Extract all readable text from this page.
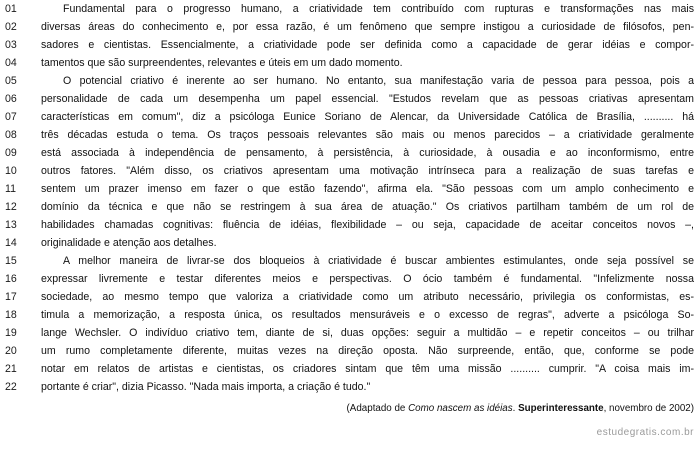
01	Fundamental para o progresso humano, a criatividade tem contribuído com rupturas e transformações nas mais
02 diversas áreas do conhecimento e, por essa razão, é um fenômeno que sempre instigou a curiosidade de filósofos, pen-
03 sadores e cientistas. Essencialmente, a criatividade pode ser definida como a capacidade de gerar idéias e compor-
04 tamentos que são surpreendentes, relevantes e úteis em um dado momento.
05	O potencial criativo é inerente ao ser humano. No entanto, sua manifestação varia de pessoa para pessoa, pois a
06 personalidade de cada um desempenha um papel essencial. "Estudos revelam que as pessoas criativas apresentam
07 características em comum", diz a psicóloga Eunice Soriano de Alencar, da Universidade Católica de Brasília, .......... há
08 três décadas estuda o tema. Os traços pessoais relevantes são mais ou menos parecidos – a criatividade geralmente
09 está associada à independência de pensamento, à persistência, à curiosidade, à ousadia e ao inconformismo, entre
10 outros fatores. "Além disso, os criativos apresentam uma motivação intrínseca para a realização de suas tarefas e
11 sentem um prazer imenso em fazer o que estão fazendo", afirma ela. "São pessoas com um amplo conhecimento e
12 domínio da técnica e que não se restringem à sua área de atuação." Os criativos partilham também de um rol de
13 habilidades chamadas cognitivas: fluência de idéias, flexibilidade – ou seja, capacidade de aceitar conceitos novos –,
14 originalidade e atenção aos detalhes.
15	A melhor maneira de livrar-se dos bloqueios à criatividade é buscar ambientes estimulantes, onde seja possível se
16 expressar livremente e testar diferentes meios e perspectivas. O ócio também é fundamental. "Infelizmente nossa
17 sociedade, ao mesmo tempo que valoriza a criatividade como um atributo necessário, privilegia os conformistas, es-
18 timula a memorização, a resposta única, os resultados mensuráveis e o excesso de regras", adverte a psicóloga So-
19 lange Wechsler. O indivíduo criativo tem, diante de si, duas opções: seguir a multidão – e repetir conceitos – ou trilhar
20 um rumo completamente diferente, muitas vezes na direção oposta. Não surpreende, então, que, conforme se pode
21 notar em relatos de artistas e cientistas, os criadores sintam que têm uma missão .......... cumprir. "A coisa mais im-
22 portante é criar", dizia Picasso. "Nada mais importa, a criação é tudo."
(Adaptado de Como nascem as idéias. Superinteressante, novembro de 2002)
estudegratis.com.br
